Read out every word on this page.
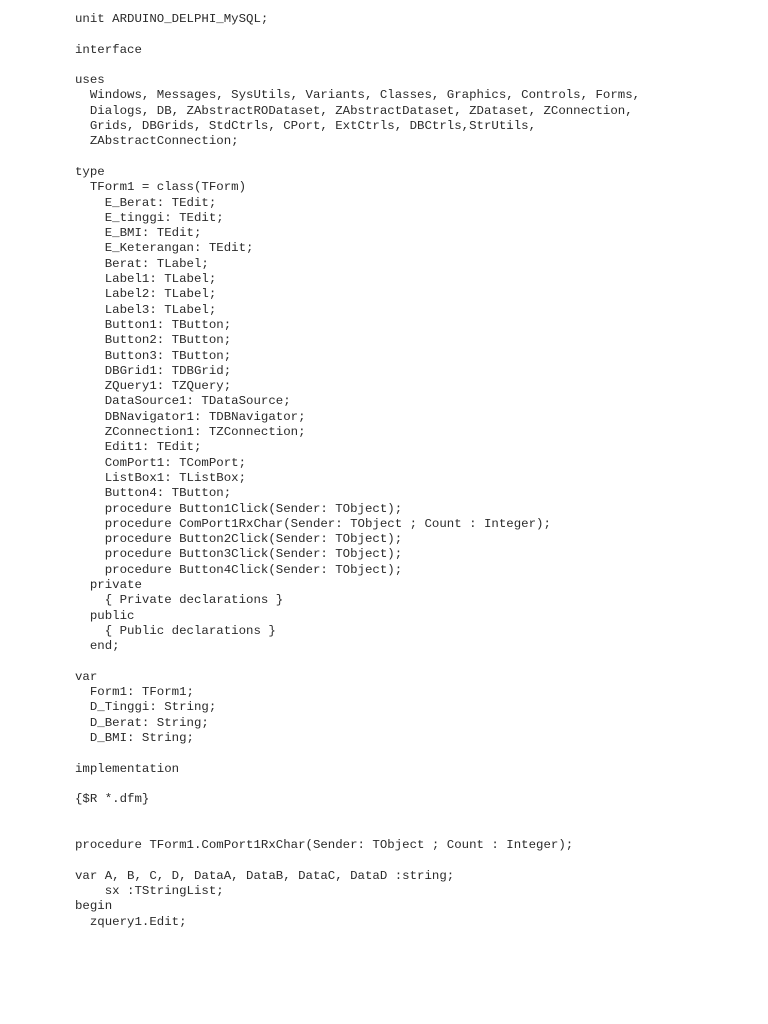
unit ARDUINO_DELPHI_MySQL;
interface
uses
Windows, Messages, SysUtils, Variants, Classes, Graphics, Controls, Forms,
Dialogs, DB, ZAbstractRODataset, ZAbstractDataset, ZDataset, ZConnection,
Grids, DBGrids, StdCtrls, CPort, ExtCtrls, DBCtrls,StrUtils,
ZAbstractConnection;
type
TForm1 = class(TForm)
E_Berat: TEdit;
E_tinggi: TEdit;
E_BMI: TEdit;
E_Keterangan: TEdit;
Berat: TLabel;
Label1: TLabel;
Label2: TLabel;
Label3: TLabel;
Button1: TButton;
Button2: TButton;
Button3: TButton;
DBGrid1: TDBGrid;
ZQuery1: TZQuery;
DataSource1: TDataSource;
DBNavigator1: TDBNavigator;
ZConnection1: TZConnection;
Edit1: TEdit;
ComPort1: TComPort;
ListBox1: TListBox;
Button4: TButton;
procedure Button1Click(Sender: TObject);
procedure ComPort1RxChar(Sender: TObject ; Count : Integer);
procedure Button2Click(Sender: TObject);
procedure Button3Click(Sender: TObject);
procedure Button4Click(Sender: TObject);
private
{ Private declarations }
public
{ Public declarations }
end;
var
Form1: TForm1;
D_Tinggi: String;
D_Berat: String;
D_BMI: String;
implementation
{$R *.dfm}
procedure TForm1.ComPort1RxChar(Sender: TObject ; Count : Integer);
var A, B, C, D, DataA, DataB, DataC, DataD :string;
sx :TStringList;
begin
zquery1.Edit;
